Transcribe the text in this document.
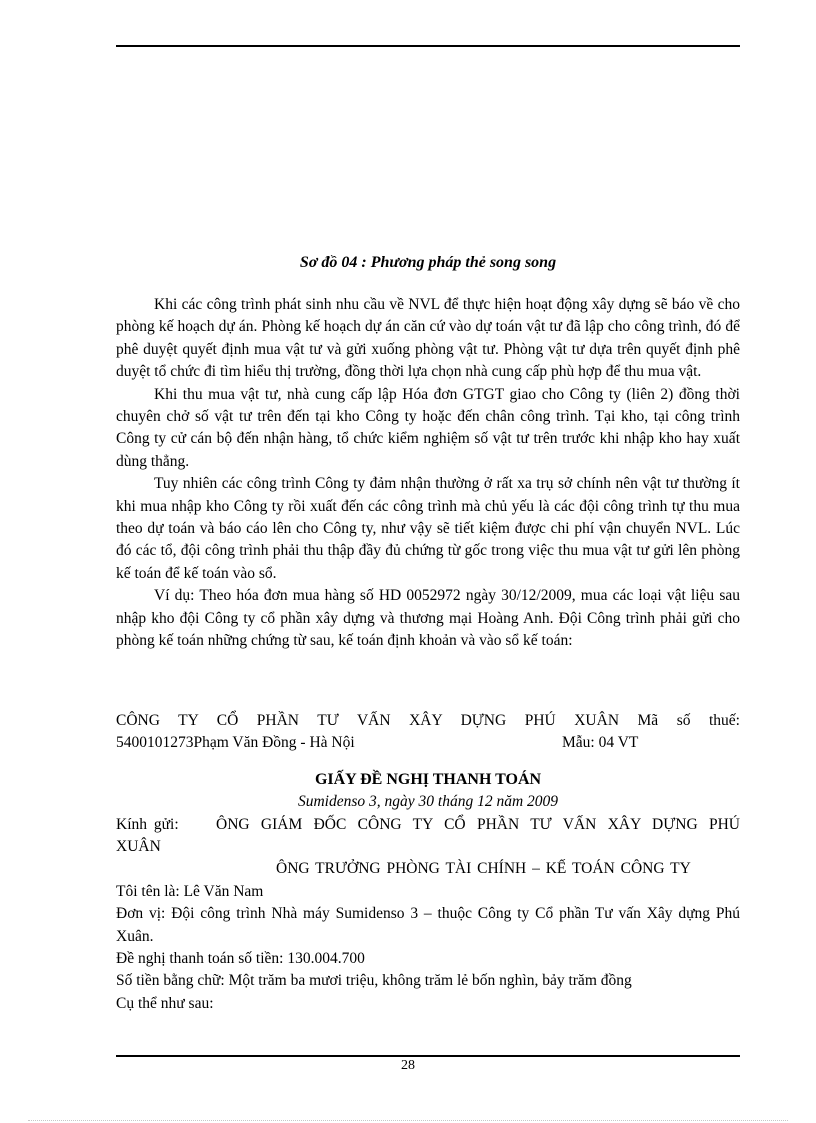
Sơ đồ 04 : Phương pháp thẻ song song

Khi các công trình phát sinh nhu cầu về NVL để thực hiện hoạt động xây dựng sẽ báo về cho phòng kế hoạch dự án. Phòng kế hoạch dự án căn cứ vào dự toán vật tư đã lập cho công trình, đó để phê duyệt quyết định mua vật tư và gửi xuống phòng vật tư. Phòng vật tư dựa trên quyết định phê duyệt tổ chức đi tìm hiểu thị trường, đồng thời lựa chọn nhà cung cấp phù hợp để thu mua vật.

Khi thu mua vật tư, nhà cung cấp lập Hóa đơn GTGT giao cho Công ty (liên 2) đồng thời chuyên chở số vật tư trên đến tại kho Công ty hoặc đến chân công trình. Tại kho, tại công trình Công ty cử cán bộ đến nhận hàng, tổ chức kiểm nghiệm số vật tư trên trước khi nhập kho hay xuất dùng thẳng.

Tuy nhiên các công trình Công ty đảm nhận thường ở rất xa trụ sở chính nên vật tư thường ít khi mua nhập kho Công ty rồi xuất đến các công trình mà chủ yếu là các đội công trình tự thu mua theo dự toán và báo cáo lên cho Công ty, như vậy sẽ tiết kiệm được chi phí vận chuyển NVL. Lúc đó các tổ, đội công trình phải thu thập đầy đủ chứng từ gốc trong việc thu mua vật tư gửi lên phòng kế toán để kế toán vào sổ.

Ví dụ: Theo hóa đơn mua hàng số HD 0052972 ngày 30/12/2009, mua các loại vật liệu sau nhập kho đội Công ty cổ phần xây dựng và thương mại Hoàng Anh. Đội Công trình phải gửi cho phòng kế toán những chứng từ sau, kế toán định khoản và vào sổ kế toán:

CÔNG TY CỔ PHẦN TƯ VẤN XÂY DỰNG PHÚ XUÂN Mã số thuế:

5400101273Phạm Văn Đồng - Hà Nội	Mẫu: 04 VT

GIẤY ĐỀ NGHỊ THANH TOÁN

Sumidenso 3, ngày 30 tháng 12 năm 2009

Kính gửi: ÔNG GIÁM ĐỐC CÔNG TY CỔ PHẦN TƯ VẤN XÂY DỰNG PHÚ XUÂN

ÔNG TRƯỞNG PHÒNG TÀI CHÍNH – KẾ TOÁN CÔNG TY

Tôi tên là: Lê Văn Nam

Đơn vị: Đội công trình Nhà máy Sumidenso 3 – thuộc Công ty Cổ phần Tư vấn Xây dựng Phú Xuân.

Đề nghị thanh toán số tiền: 130.004.700

Số tiền bằng chữ: Một trăm ba mươi triệu, không trăm lẻ bốn nghìn, bảy trăm đồng

Cụ thể như sau:

28
